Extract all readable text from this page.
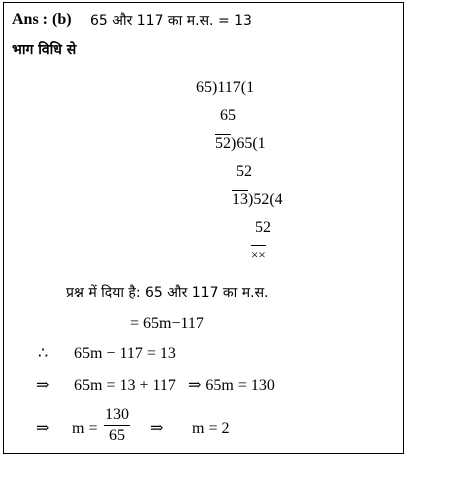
Ans : (b) 65 और 117 का म.स. = 13
भाग विधि से
65)117(1
65
52)65(1
52
13)52(4
52
××
प्रश्न में दिया है: 65 और 117 का म.स.
= 65m−117
∴ 65m − 117 = 13
⇒ 65m = 13 + 117 ⇒ 65m = 130
⇒ m =
130
65	⇒ m = 2
